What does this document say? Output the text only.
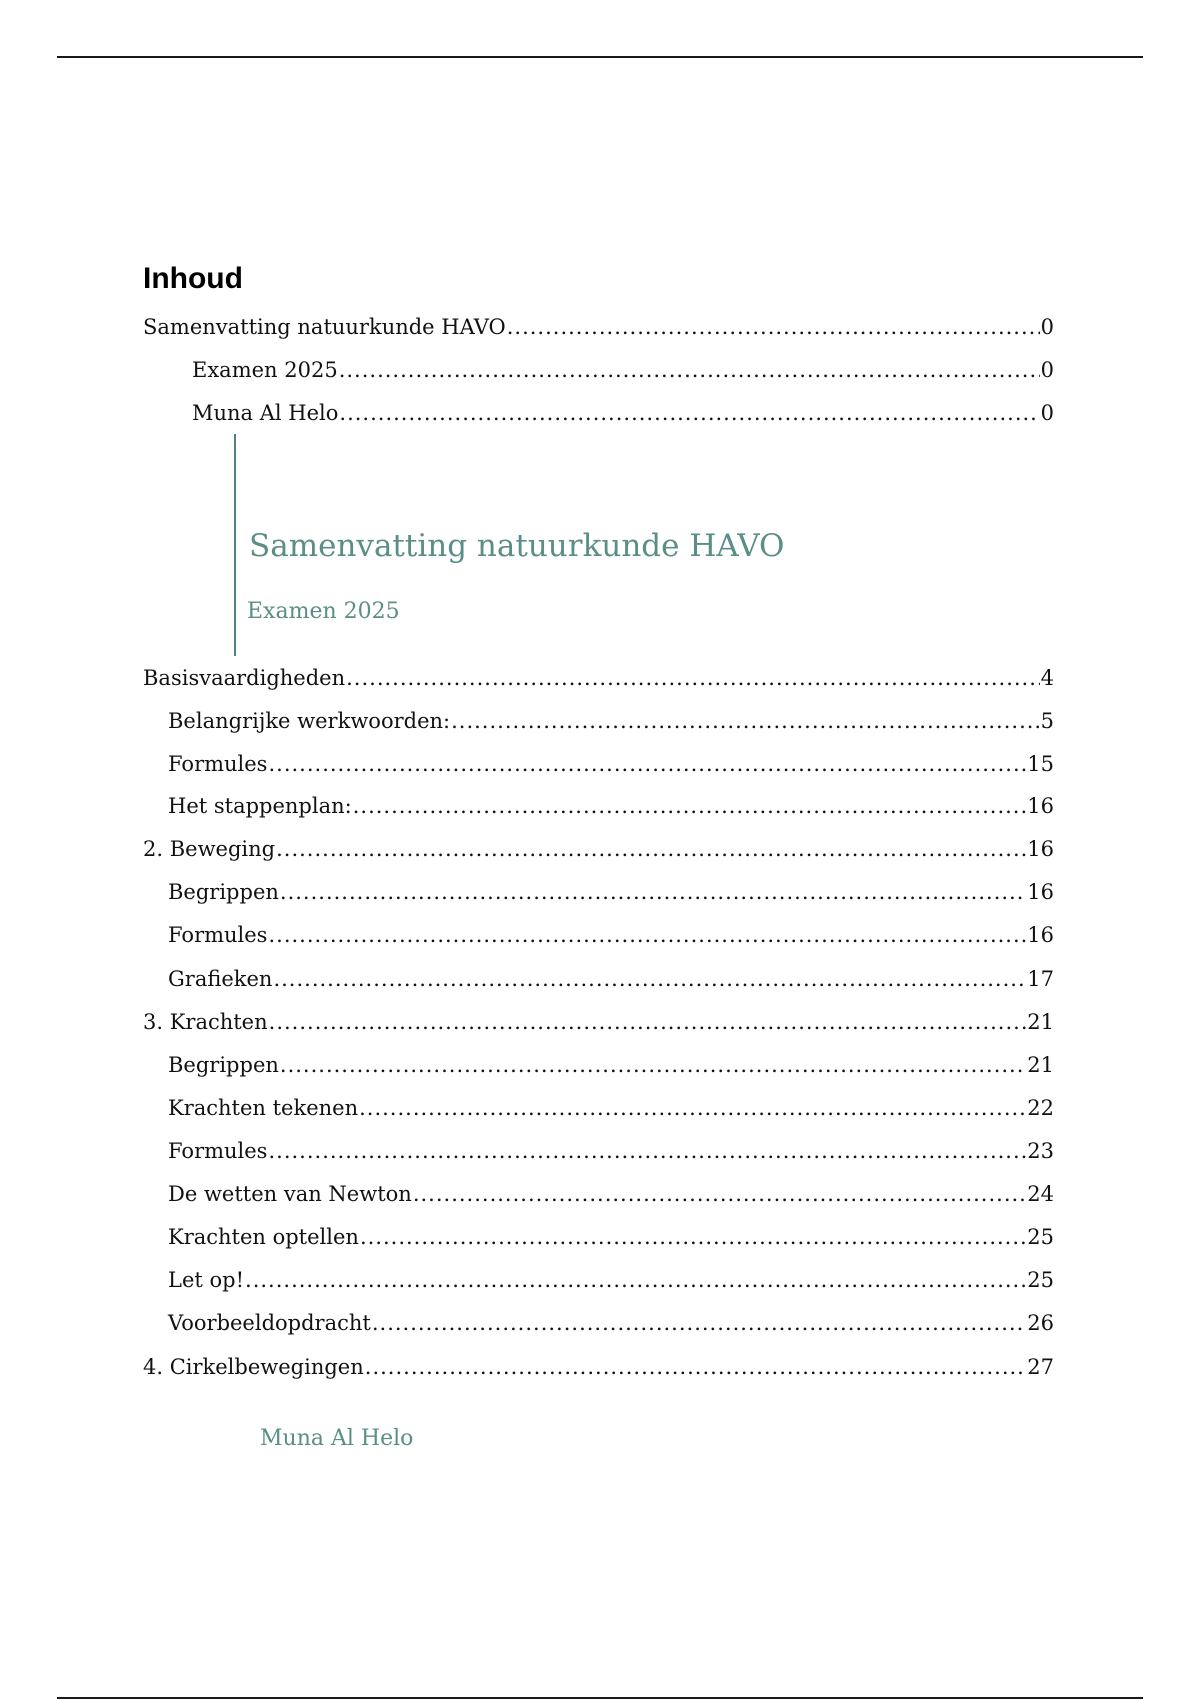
Inhoud
Samenvatting natuurkunde HAVO .....	0
Examen 2025 .....	0
Muna Al Helo .....	0
Samenvatting natuurkunde HAVO

Examen 2025

Basisvaardigheden .....	4
Belangrijke werkwoorden: .....	5
Formules .....	15
Het stappenplan: .....	16
2. Beweging .....	16
Begrippen .....	16
Formules .....	16
Grafieken .....	17
3. Krachten .....	21
Begrippen .....	21
Krachten tekenen .....	22
Formules .....	23
De wetten van Newton .....	24
Krachten optellen .....	25
Let op! .....	25
Voorbeeldopdracht .....	26
4. Cirkelbewegingen .....	27

Muna Al Helo
